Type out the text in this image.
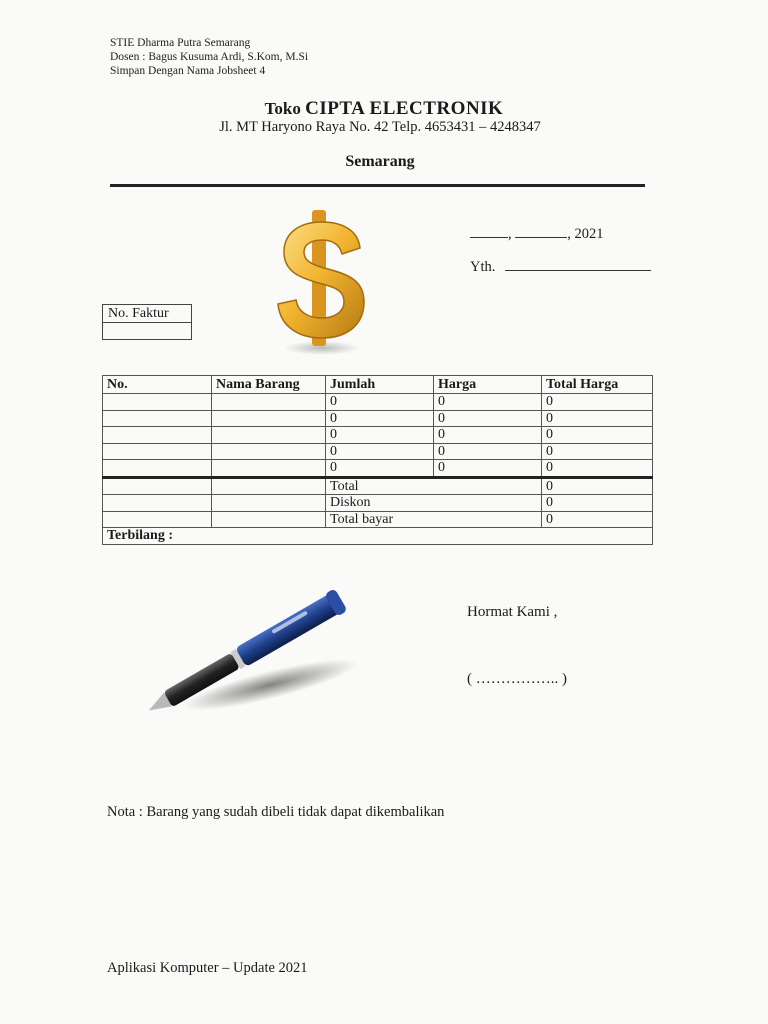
STIE Dharma Putra Semarang
Dosen : Bagus Kusuma Ardi, S.Kom, M.Si
Simpan Dengan Nama Jobsheet 4
Toko CIPTA ELECTRONIK
Jl. MT Haryono Raya No. 42 Telp. 4653431 – 4248347
Semarang
,	, 2021
Yth.
No. Faktur
No.	Nama Barang	Jumlah	Harga	Total Harga
		0	0	0
		0	0	0
		0	0	0
		0	0	0
		0	0	0
		Total		0
		Diskon		0
		Total bayar		0
Terbilang :				
Hormat Kami ,
( …………….. )
Nota : Barang yang sudah dibeli tidak dapat dikembalikan
Aplikasi Komputer – Update 2021
